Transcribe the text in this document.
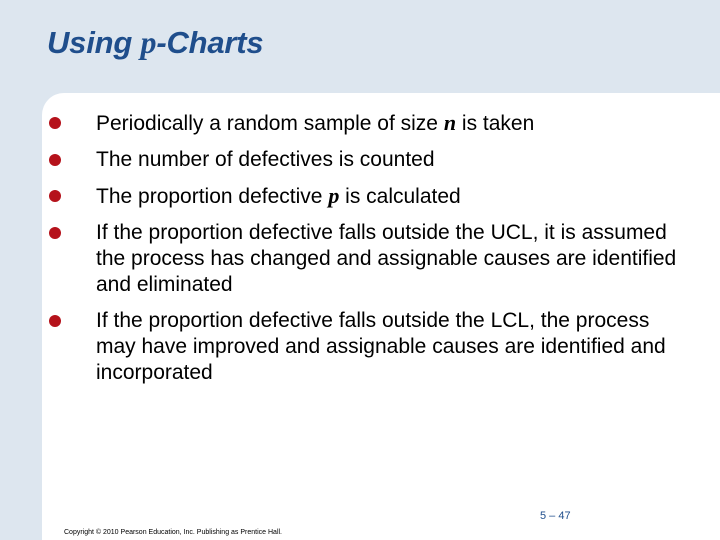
Using p-Charts
Periodically a random sample of size n is taken
The number of defectives is counted
The proportion defective p is calculated
If the proportion defective falls outside the UCL, it is assumed the process has changed and assignable causes are identified and eliminated
If the proportion defective falls outside the LCL, the process may have improved and assignable causes are identified and incorporated
5 – 47
Copyright © 2010 Pearson Education, Inc. Publishing as Prentice Hall.
